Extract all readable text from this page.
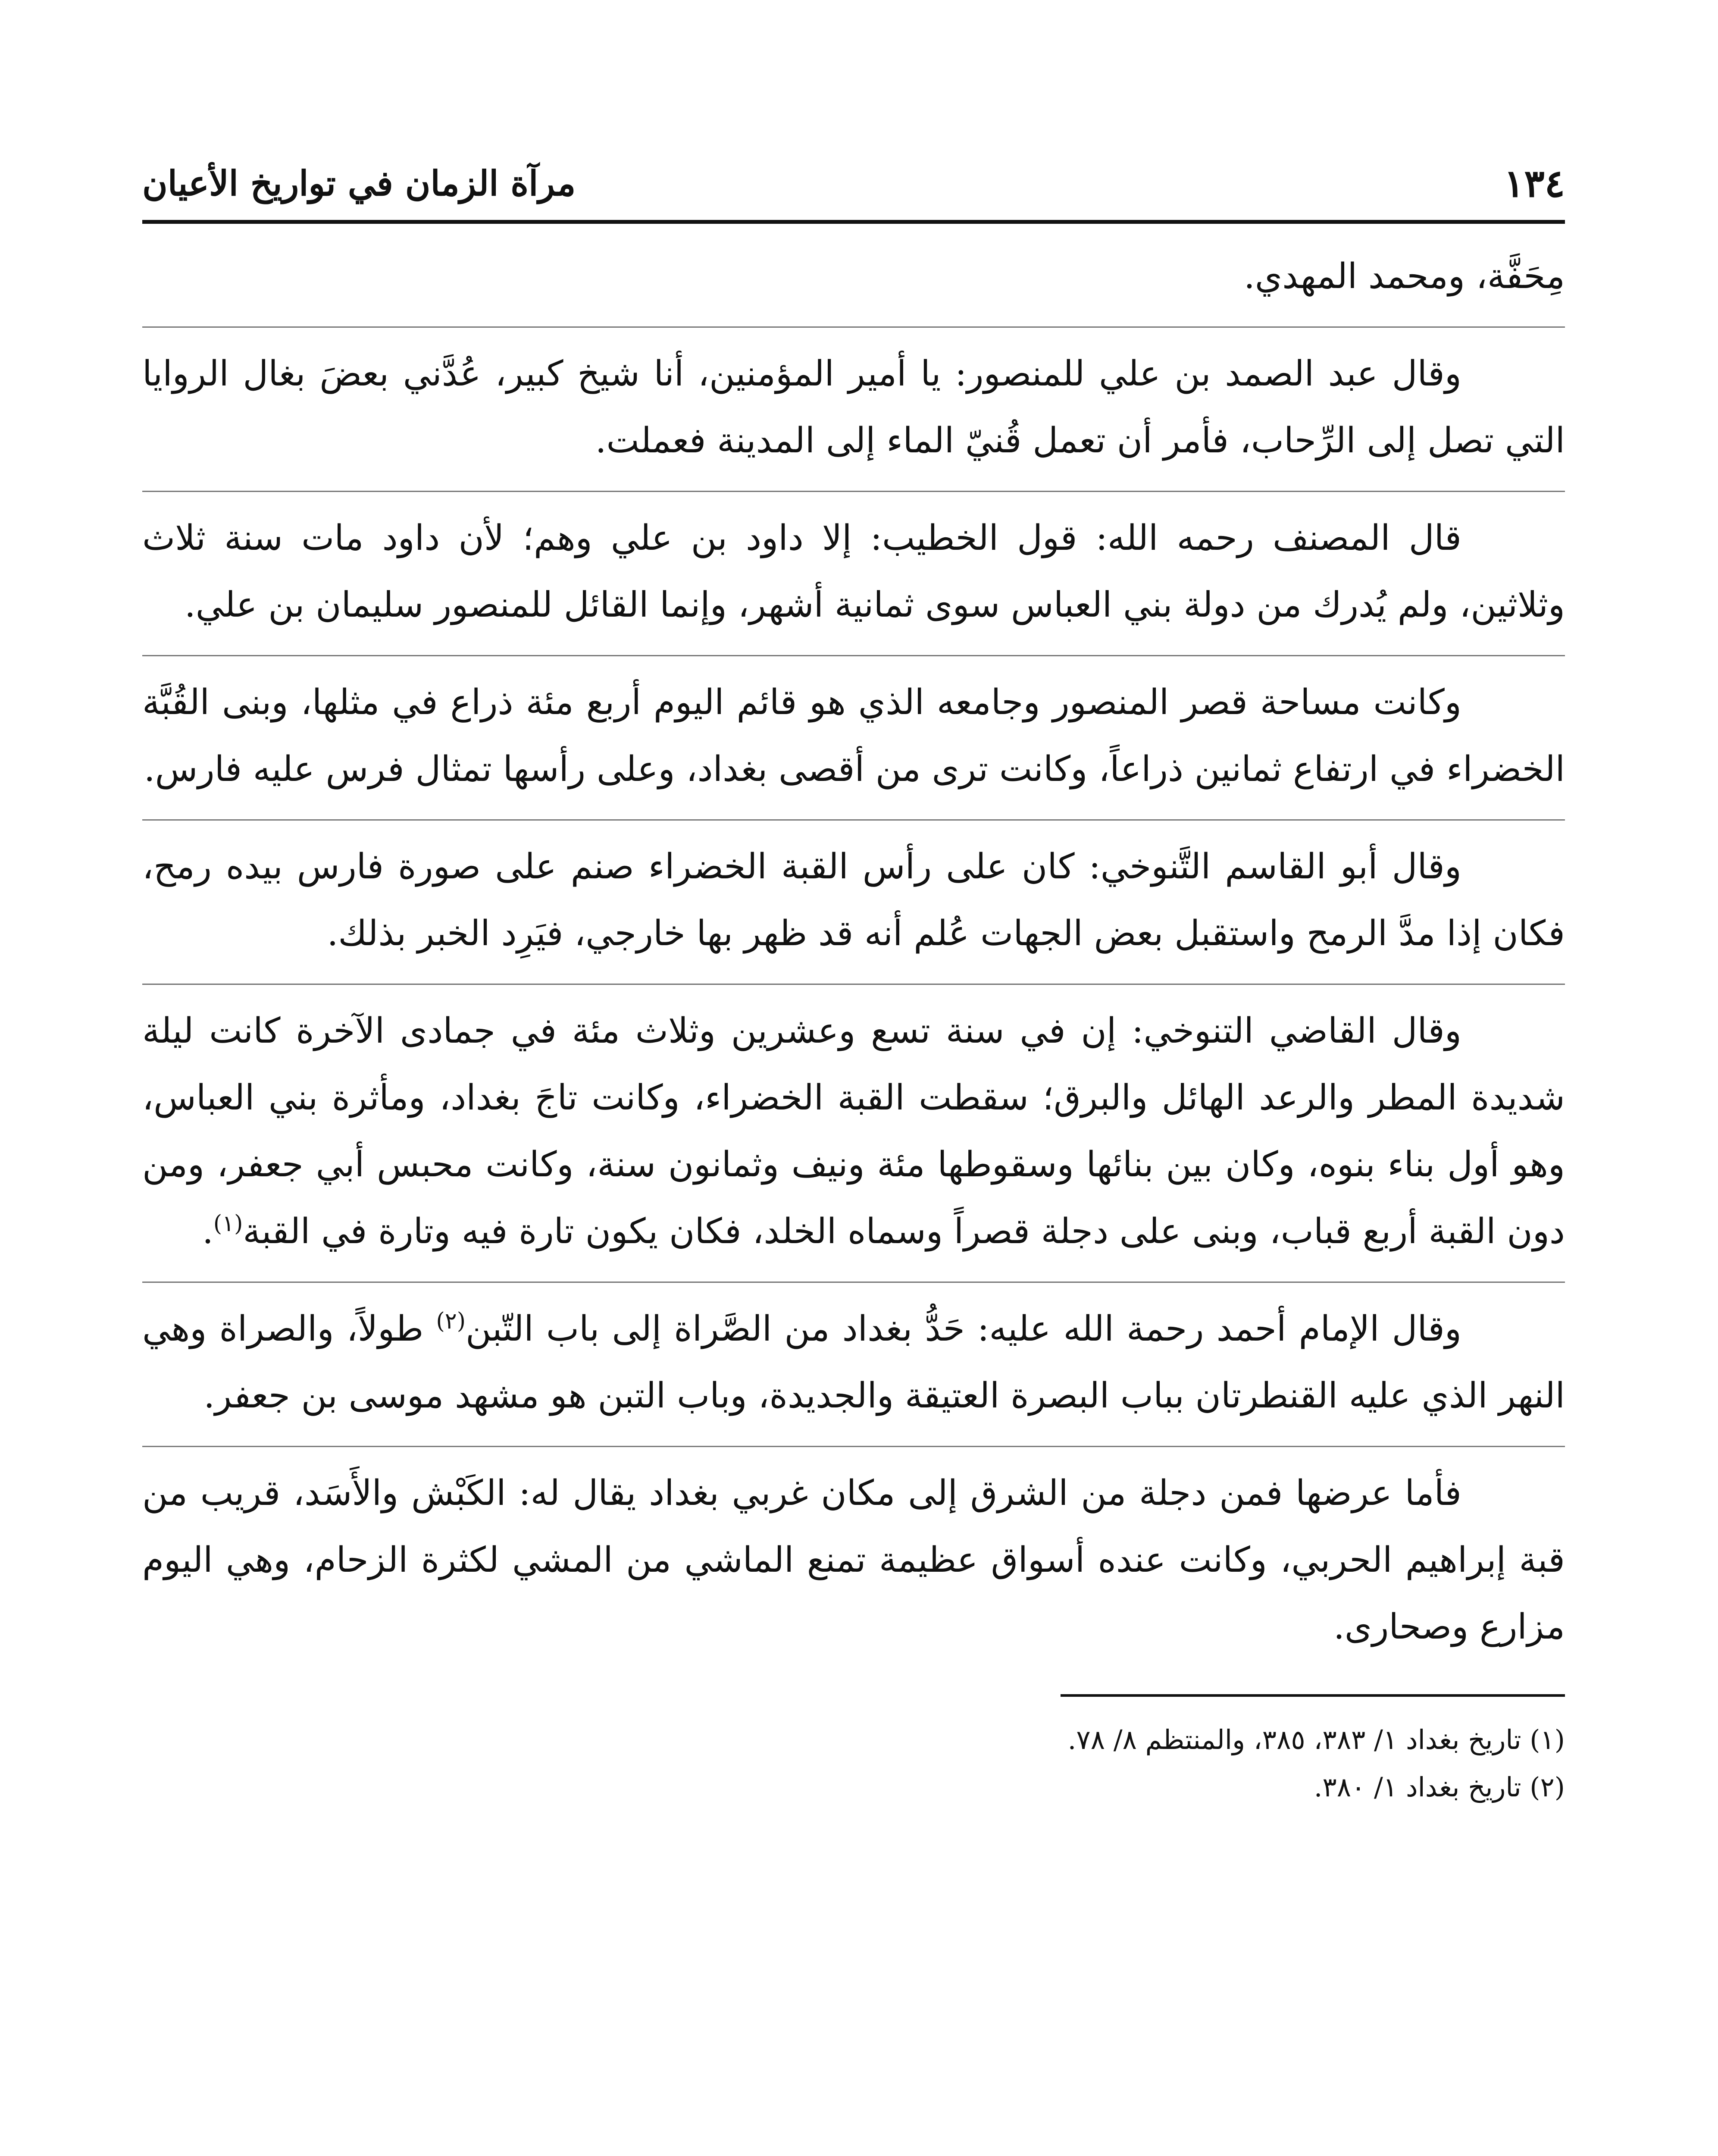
١٣٤
مرآة الزمان في تواريخ الأعيان

مِحَفَّة، ومحمد المهدي.

وقال عبد الصمد بن علي للمنصور: يا أمير المؤمنين، أنا شيخ كبير، عُدَّني بعضَ بغال الروايا التي تصل إلى الرِّحاب، فأمر أن تعمل قُنيّ الماء إلى المدينة فعملت.

قال المصنف رحمه الله: قول الخطيب: إلا داود بن علي وهم؛ لأن داود مات سنة ثلاث وثلاثين، ولم يُدرك من دولة بني العباس سوى ثمانية أشهر، وإنما القائل للمنصور سليمان بن علي.

وكانت مساحة قصر المنصور وجامعه الذي هو قائم اليوم أربع مئة ذراع في مثلها، وبنى القُبَّة الخضراء في ارتفاع ثمانين ذراعاً، وكانت ترى من أقصى بغداد، وعلى رأسها تمثال فرس عليه فارس.

وقال أبو القاسم التَّنوخي: كان على رأس القبة الخضراء صنم على صورة فارس بيده رمح، فكان إذا مدَّ الرمح واستقبل بعض الجهات عُلم أنه قد ظهر بها خارجي، فيَرِد الخبر بذلك.

وقال القاضي التنوخي: إن في سنة تسع وعشرين وثلاث مئة في جمادى الآخرة كانت ليلة شديدة المطر والرعد الهائل والبرق؛ سقطت القبة الخضراء، وكانت تاجَ بغداد، ومأثرة بني العباس، وهو أول بناء بنوه، وكان بين بنائها وسقوطها مئة ونيف وثمانون سنة، وكانت محبس أبي جعفر، ومن دون القبة أربع قباب، وبنى على دجلة قصراً وسماه الخلد، فكان يكون تارة فيه وتارة في القبة$^{(١)}$.

وقال الإمام أحمد رحمة الله عليه: حَدُّ بغداد من الصَّراة إلى باب التّبن$^{(٢)}$ طولاً، والصراة وهي النهر الذي عليه القنطرتان بباب البصرة العتيقة والجديدة، وباب التبن هو مشهد موسى بن جعفر.

فأما عرضها فمن دجلة من الشرق إلى مكان غربي بغداد يقال له: الكَبْش والأَسَد، قريب من قبة إبراهيم الحربي، وكانت عنده أسواق عظيمة تمنع الماشي من المشي لكثرة الزحام، وهي اليوم مزارع وصحارى.

(١) تاريخ بغداد ١/ ٣٨٣، ٣٨٥، والمنتظم ٨/ ٧٨.

(٢) تاريخ بغداد ١/ ٣٨٠.
